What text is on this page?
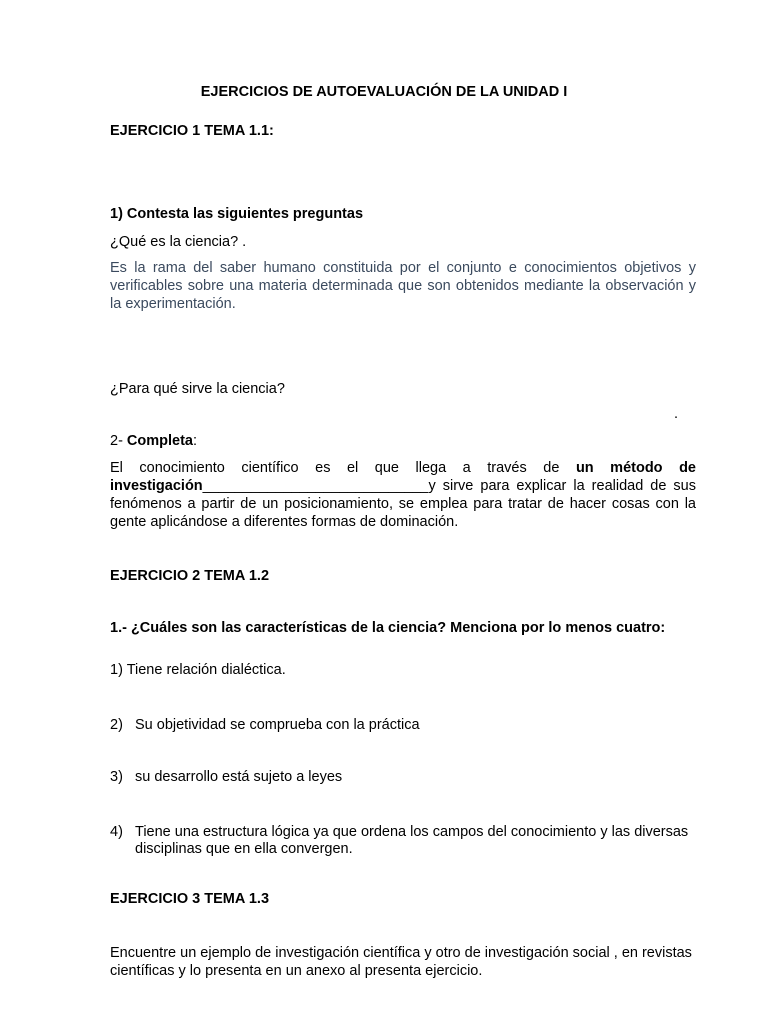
EJERCICIOS DE AUTOEVALUACIÓN DE LA UNIDAD I
EJERCICIO 1 TEMA 1.1:
1) Contesta las siguientes preguntas
¿Qué es la ciencia? .
Es la rama del saber humano constituida por el conjunto e conocimientos objetivos y verificables sobre una materia determinada que son obtenidos mediante la observación y la experimentación.
¿Para qué sirve la ciencia?
.
2- Completa:
El conocimiento científico es el que llega a través de un método de investigación____________________________y sirve para explicar la realidad de sus fenómenos a partir de un posicionamiento, se emplea para tratar de hacer cosas con la gente aplicándose a diferentes formas de dominación.
EJERCICIO 2 TEMA 1.2
1.- ¿Cuáles son las características de la ciencia? Menciona por lo menos cuatro:
1) Tiene relación dialéctica.
2) Su objetividad se comprueba con la práctica
3) su desarrollo está sujeto a leyes
4) Tiene una estructura lógica ya que ordena los campos del conocimiento y las diversas disciplinas que en ella convergen.
EJERCICIO 3 TEMA 1.3
Encuentre un ejemplo de investigación científica y otro de investigación social , en revistas científicas y lo presenta en un anexo al presenta ejercicio.
